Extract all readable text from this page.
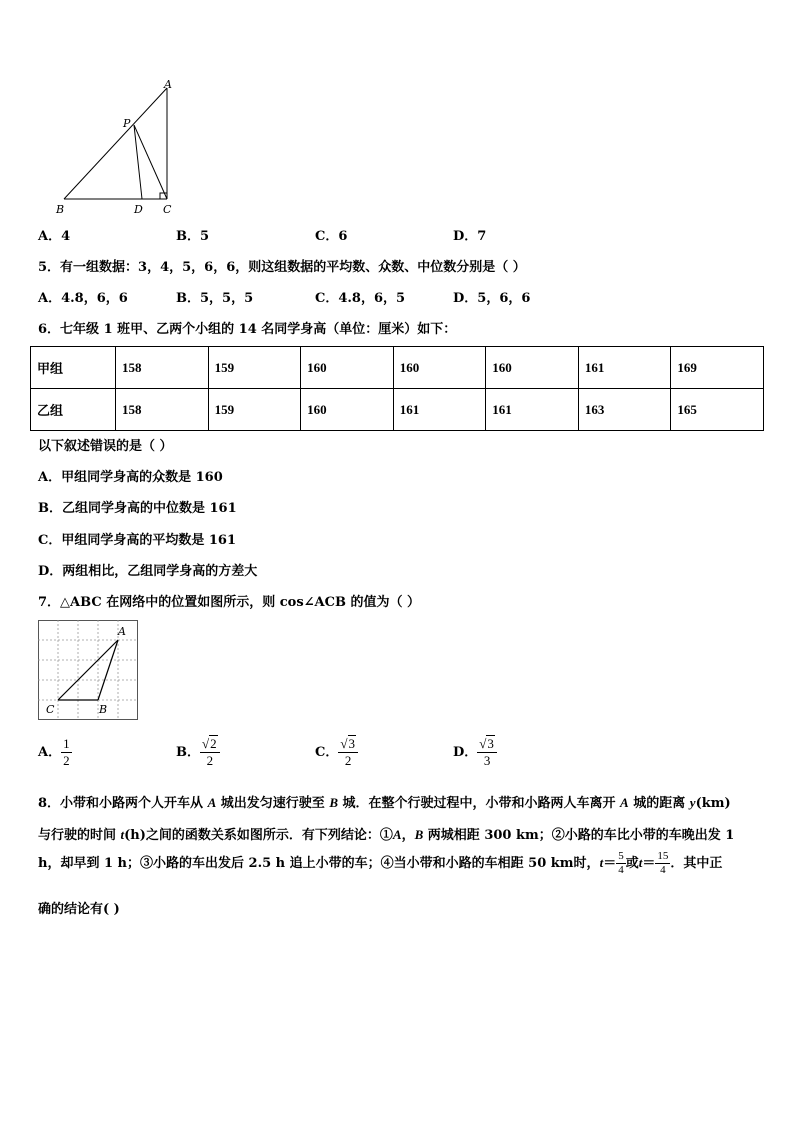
A
P
B	D C
A．4	B．5	C．6	D．7
5．有一组数据：3，4，5，6，6，则这组数据的平均数、众数、中位数分别是（ ）
A．4.8，6，6	B．5，5，5	C．4.8，6，5	D．5，6，6
6．七年级 1 班甲、乙两个小组的 14 名同学身高（单位：厘米）如下：
甲组	158	159	160	160	160	161	169
乙组	158	159	160	161	161	163	165
以下叙述错误的是（ ）
A．甲组同学身高的众数是 160
B．乙组同学身高的中位数是 161
C．甲组同学身高的平均数是 161
D．两组相比，乙组同学身高的方差大
7．△ABC 在网络中的位置如图所示，则 cos∠ACB 的值为（ ）
A
C	B
A． $\frac{1}{2}$	B． $\frac{√2}{2}$	C． $\frac{√3}{2}$	D． $\frac{√3}{3}$
8．小带和小路两个人开车从 A 城出发匀速行驶至 B 城．在整个行驶过程中，小带和小路两人车离开 A 城的距离 y(km)
与行驶的时间 t(h)之间的函数关系如图所示．有下列结论：①A，B 两城相距 300 km；②小路的车比小带的车晚出发 1
h，却早到 1 h；③小路的车出发后 2.5 h 追上小带的车；④当小带和小路的车相距 50 km时，$t= \frac{5}{4}$ 或$t= \frac{15}{4}$ ．其中正
确的结论有( )
